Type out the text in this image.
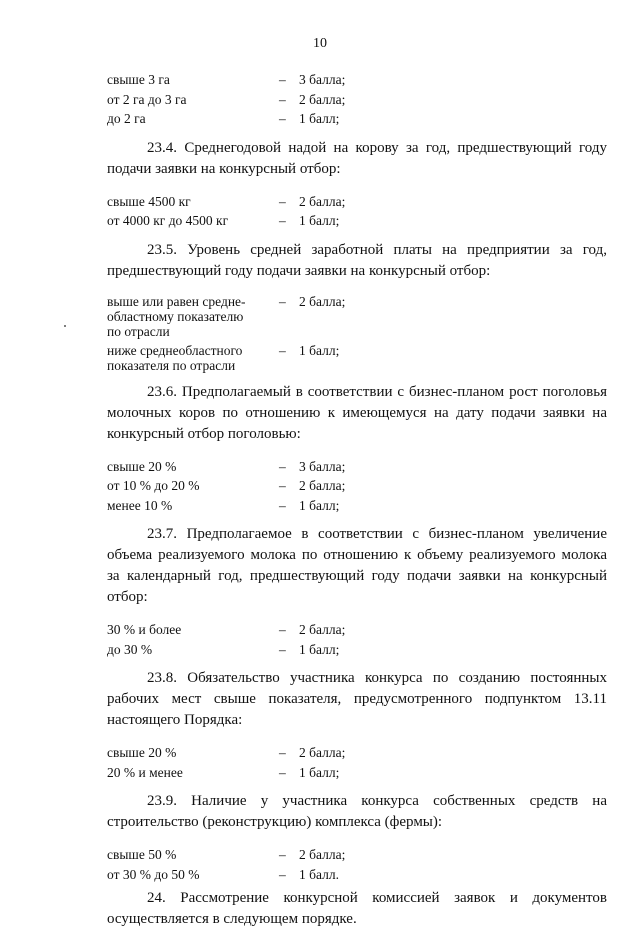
10
свыше 3 га	– 3 балла;
от 2 га до 3 га	– 2 балла;
до 2 га	– 1 балл;

23.4. Среднегодовой надой на корову за год, предшествующий году
подачи заявки на конкурсный отбор:

свыше 4500 кг	– 2 балла;
от 4000 кг до 4500 кг	– 1 балл;

23.5. Уровень средней заработной платы на предприятии за год,
предшествующий году подачи заявки на конкурсный отбор:

выше или равен средне-
областному показателю
по отрасли
– 2 балла;
ниже среднеобластного
показателя по отрасли
– 1 балл;

23.6. Предполагаемый в соответствии с бизнес-планом рост поголовья
молочных коров по отношению к имеющемуся на дату подачи заявки на
конкурсный отбор поголовью:

свыше 20 %	– 3 балла;
от 10 % до 20 %	– 2 балла;
менее 10 %	– 1 балл;

23.7. Предполагаемое в соответствии с бизнес-планом увеличение
объема реализуемого молока по отношению к объему реализуемого молока
за календарный год, предшествующий году подачи заявки на конкурсный
отбор:

30 % и более	– 2 балла;
до 30 %	– 1 балл;

23.8. Обязательство участника конкурса по созданию постоянных
рабочих мест свыше показателя, предусмотренного подпунктом 13.11
настоящего Порядка:

свыше 20 %	– 2 балла;
20 % и менее	– 1 балл;

23.9. Наличие у участника конкурса собственных средств на
строительство (реконструкцию) комплекса (фермы):

свыше 50 %	– 2 балла;
от 30 % до 50 %	– 1 балл.

24. Рассмотрение конкурсной комиссией заявок и документов
осуществляется в следующем порядке.
